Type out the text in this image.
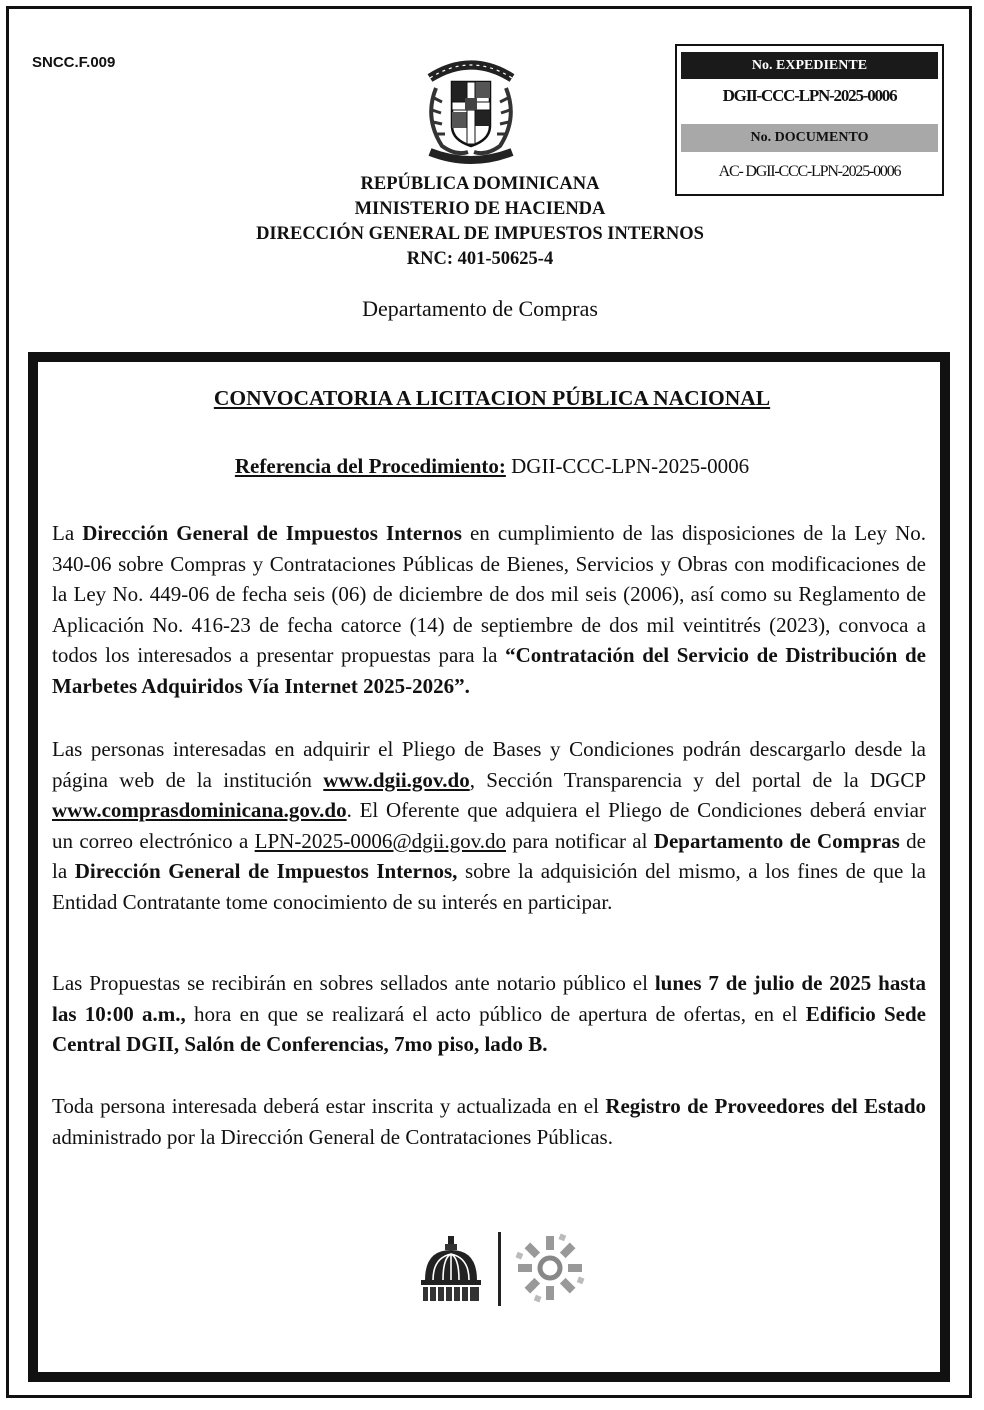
SNCC.F.009	No. EXPEDIENTE
DGII-CCC-LPN-2025-0006
No. DOCUMENTO
AC- DGII-CCC-LPN-2025-0006
REPÚBLICA DOMINICANA
MINISTERIO DE HACIENDA
DIRECCIÓN GENERAL DE IMPUESTOS INTERNOS
RNC: 401-50625-4
Departamento de Compras
CONVOCATORIA A LICITACION PÚBLICA NACIONAL
Referencia del Procedimiento: DGII-CCC-LPN-2025-0006

La Dirección General de Impuestos Internos en cumplimiento de las disposiciones de la Ley No. 340-06 sobre Compras y Contrataciones Públicas de Bienes, Servicios y Obras con modificaciones de la Ley No. 449-06 de fecha seis (06) de diciembre de dos mil seis (2006), así como su Reglamento de Aplicación No. 416-23 de fecha catorce (14) de septiembre de dos mil veintitrés (2023), convoca a todos los interesados a presentar propuestas para la “Contratación del Servicio de Distribución de Marbetes Adquiridos Vía Internet 2025-2026”.

Las personas interesadas en adquirir el Pliego de Bases y Condiciones podrán descargarlo desde la página web de la institución www.dgii.gov.do, Sección Transparencia y del portal de la DGCP www.comprasdominicana.gov.do. El Oferente que adquiera el Pliego de Condiciones deberá enviar un correo electrónico a LPN-2025-0006@dgii.gov.do para notificar al Departamento de Compras de la Dirección General de Impuestos Internos, sobre la adquisición del mismo, a los fines de que la Entidad Contratante tome conocimiento de su interés en participar.

Las Propuestas se recibirán en sobres sellados ante notario público el lunes 7 de julio de 2025 hasta las 10:00 a.m., hora en que se realizará el acto público de apertura de ofertas, en el Edificio Sede Central DGII, Salón de Conferencias, 7mo piso, lado B.

Toda persona interesada deberá estar inscrita y actualizada en el Registro de Proveedores del Estado administrado por la Dirección General de Contrataciones Públicas.
